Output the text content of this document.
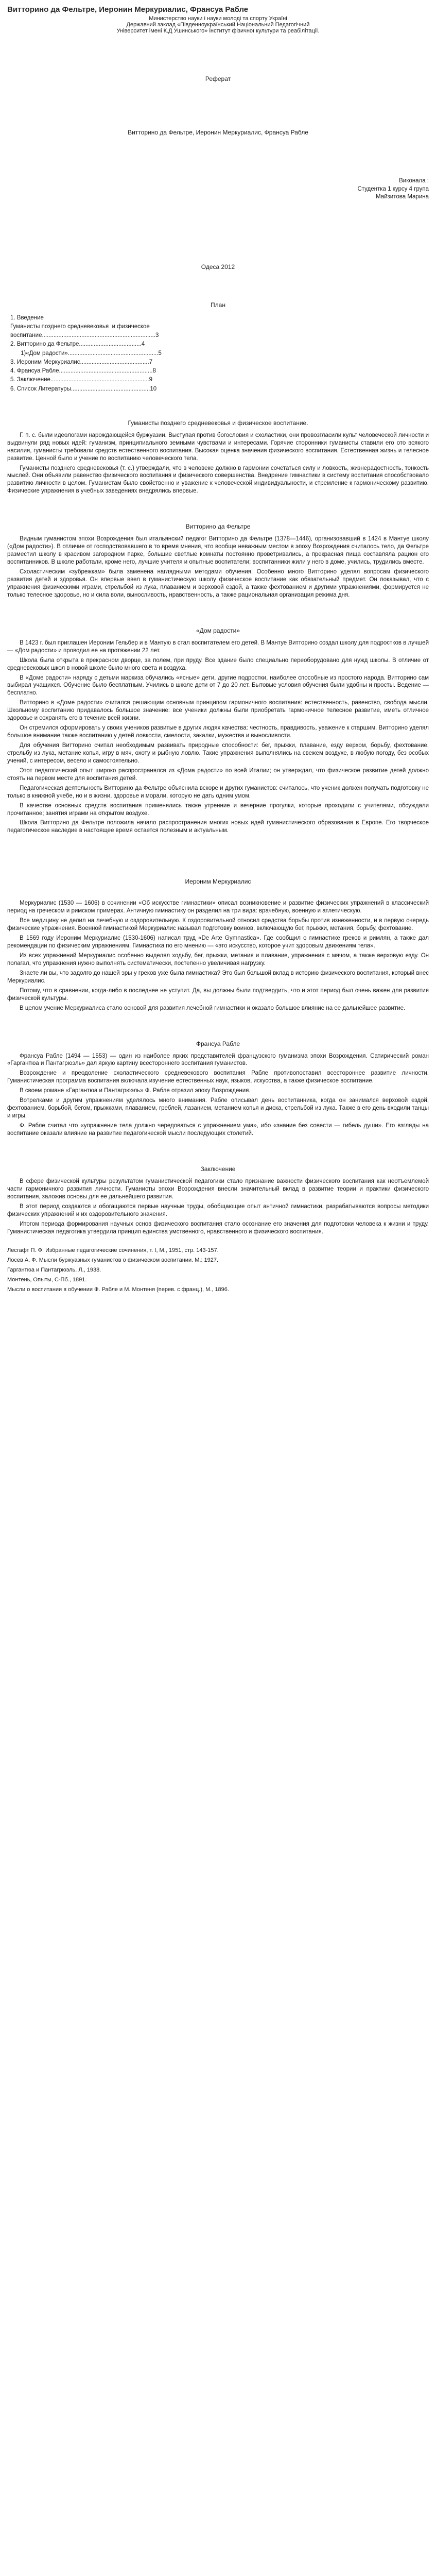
Витторино да Фельтре, Иеронин Меркуриалис, Франсуа Рабле
Министерство науки і науки молоді та спорту Україні
Державний заклад «Південноукраїнський Національний Педагогічний
Університет імені К.Д Ушинського» інститут фізичної культури та реабілітації.
Реферат
Витторино да Фельтре, Иеронин Меркуриалис, Франсуа Рабле
Виконала :
Студентка 1 курсу 4 група
Майзитова Марина
Одеса 2012
План
1. Введение
Гуманисты позднего средневековья  и физическое
воспитание.....................................................................3
2. Витторино да Фельтре......................................4
1)«Дом радости».......................................................5
3. Иероним Меркуриалис..........................................7
4. Франсуа Рабле.........................................................8
5. Заключение............................................................9
6. Список Литературы................................................10
Гуманисты позднего средневековья и физическое воспитание.

Г. п. с. были идеологами нарождающейся буржуазии. Выступая против богословия и схоластики, они провозгласили культ человеческой личности и выдвинули ряд новых идей: гуманизм, принципиального земными чувствами и интересами. Горячие сторонники гуманисты ставили его ото всякого насилия, гуманисты требовали средств естественного воспитания. Высокая оценка значения физического воспитания. Естественная жизнь и телесное развитие. Ценной было и учение по воспитанию человеческого тела.

Гуманисты позднего средневековья (т. с.) утверждали, что в человеке должно в гармонии сочетаться силу и ловкость, жизнерадостность, тонкость мыслей. Они объявили равенство физического воспитания и физического совершенства. Внедрение гимнастики в систему воспитания способствовало развитию личности в целом. Гуманистам было свойственно и уважение к человеческой индивидуальности, и стремление к гармоническому развитию. Физические упражнения в учебных заведениях внедрялись впервые.

Витторино да Фельтре

Видным гуманистом эпохи Возрождения был итальянский педагог Витторино да Фельтре (1378—1446), организовавший в 1424 в Мантуе школу («Дом радости»). В отличие от господствовавшего в то время мнения, что вообще неважным местом в эпоху Возрождения считалось тело, да Фельтре разместил школу в красивом загородном парке, большие светлые комнаты постоянно проветривались, а прекрасная пища составляла рацион его воспитанников. В школе работали, кроме него, лучшие учителя и опытные воспитатели; воспитанники жили у него в доме, учились, трудились вместе.

Схоластическим «зубрежкам» была заменена наглядными методами обучения. Особенно много Витторино уделял вопросам физического развития детей и здоровья. Он впервые ввел в гуманистическую школу физическое воспитание как обязательный предмет. Он показывал, что с упражнения физическими играми, стрельбой из лука, плаванием и верховой ездой, а также фехтованием и другими упражнениями, формируется не только телесное здоровье, но и сила воли, выносливость, нравственность, а также рациональная организация режима дня.

«Дом радости»

В 1423 г. был приглашен Иероним Гельбер и в Мантую в стал воспитателем его детей. В Мантуе Витторино создал школу для подростков в лучшей — «Дом радости» и проводил ее на протяжении 22 лет.

Школа была открыта в прекрасном дворце, за полем, при пруду. Все здание было специально переоборудовано для нужд школы. В отличие от средневековых школ в новой школе было много света и воздуха.

В «Доме радости» наряду с детьми маркиза обучались «ясные» дети, другие подростки, наиболее способные из простого народа. Витторино сам выбирал учащихся. Обучение было бесплатным. Учились в школе дети от 7 до 20 лет. Бытовые условия обучения были удобны и просты. Ведение — бесплатно.

Витторино в «Доме радости» считался решающим основным принципом гармоничного воспитания: естественность, равенство, свобода мысли. Школьному воспитанию придавалось большое значение: все ученики должны были приобретать гармоничное телесное развитие, иметь отличное здоровье и сохранять его в течение всей жизни.

Он стремился сформировать у своих учеников развитые в других людях качества: честность, правдивость, уважение к старшим. Витторино уделял большое внимание также воспитанию у детей ловкости, смелости, закалки, мужества и выносливости.

Для обучения Витторино считал необходимым развивать природные способности: бег, прыжки, плавание, езду верхом, борьбу, фехтование, стрельбу из лука, метание копья, игру в мяч, охоту и рыбную ловлю. Такие упражнения выполнялись на свежем воздухе, в любую погоду, без особых учений, с интересом, весело и самостоятельно.

Этот педагогический опыт широко распространялся из «Дома радости» по всей Италии; он утверждал, что физическое развитие детей должно стоять на первом месте для воспитания детей.

Педагогическая деятельность Витторино да Фельтре объяснила вскоре и других гуманистов: считалось, что ученик должен получать подготовку не только в книжной учебе, но и в жизни, здоровье и морали, которую не дать одним умом.

В качестве основных средств воспитания применялись также утренние и вечерние прогулки, которые проходили с учителями, обсуждали прочитанное; занятия играми на открытом воздухе.

Школа Витторино да Фельтре положила начало распространения многих новых идей гуманистического образования в Европе. Его творческое педагогическое наследие в настоящее время остается полезным и актуальным.

Иероним Меркуриалис

Меркуриалис (1530 — 1606) в сочинении «Об искусстве гимнастики» описал возникновение и развитие физических упражнений в классический период на греческом и римском примерах. Античную гимнастику он разделил на три вида: врачебную, военную и атлетическую.

Все медицину не делил на лечебную и оздоровительную. К оздоровительной относил средства борьбы против изнеженности, и в первую очередь физические упражнения. Военной гимнастикой Меркуриалис называл подготовку воинов, включающую бег, прыжки, метания, борьбу, фехтование.

В 1569 году Иероним Меркуриалис (1530-1606) написал труд «De Arte Gymnastica». Где сообщил о гимнастике греков и римлян, а также дал рекомендации по физическим упражнениям. Гимнастика по его мнению — «это искусство, которое учит здоровым движениям тела».

Из всех упражнений Меркуриалис особенно выделял ходьбу, бег, прыжки, метания и плавание, упражнения с мячом, а также верховую езду. Он полагал, что упражнения нужно выполнять систематически, постепенно увеличивая нагрузку.

Знаете ли вы, что задолго до нашей эры у греков уже была гимнастика? Это был большой вклад в историю физического воспитания, который внес Меркуриалис.

Потому, что в сравнении, когда-либо в последнее не уступит. Да, вы должны были подтвердить, что и этот период был очень важен для развития физической культуры.

В целом учение Меркуриалиса стало основой для развития лечебной гимнастики и оказало большое влияние на ее дальнейшее развитие.

Франсуа Рабле

Франсуа Рабле (1494 — 1553) — один из наиболее ярких представителей французского гуманизма эпохи Возрождения. Сатирический роман «Гаргантюа и Пантагрюэль» дал яркую картину всестороннего воспитания гуманистов.

Возрождение и преодоление схоластического средневекового воспитания Рабле противопоставил всестороннее развитие личности. Гуманистическая программа воспитания включала изучение естественных наук, языков, искусства, а также физическое воспитание.

В своем романе «Гаргантюа и Пантагрюэль» Ф. Рабле отразил эпоху Возрождения.

Вотрелками и другим упражнениям уделялось много внимания. Рабле описывал день воспитанника, когда он занимался верховой ездой, фехтованием, борьбой, бегом, прыжками, плаванием, греблей, лазанием, метанием копья и диска, стрельбой из лука. Также в его день входили танцы и игры.

Ф. Рабле считал что «упражнение тела должно чередоваться с упражнением ума», ибо «знание без совести — гибель души». Его взгляды на воспитание оказали влияние на развитие педагогической мысли последующих столетий.

Заключение

В сфере физической культуры результатом гуманистической педагогики стало признание важности физического воспитания как неотъемлемой части гармоничного развития личности. Гуманисты эпохи Возрождения внесли значительный вклад в развитие теории и практики физического воспитания, заложив основы для ее дальнейшего развития.

В этот период создаются и обогащаются первые научные труды, обобщающие опыт античной гимнастики, разрабатываются вопросы методики физических упражнений и их оздоровительного значения.

Итогом периода формирования научных основ физического воспитания стало осознание его значения для подготовки человека к жизни и труду. Гуманистическая педагогика утвердила принцип единства умственного, нравственного и физического воспитания.

Лесгафт П. Ф. Избранные педагогические сочинения, т. I, М., 1951, стр. 143-157.
Лосев А. Ф. Мысли буржуазных гуманистов о физическом воспитании. М.: 1927.
Гаргантюа и Пантагрюэль. Л., 1938.
Монтень, Опыты, С-Пб., 1891.
Мысли о воспитании в обучении Ф. Рабле и М. Монтеня (перев. с франц.), М., 1896.
